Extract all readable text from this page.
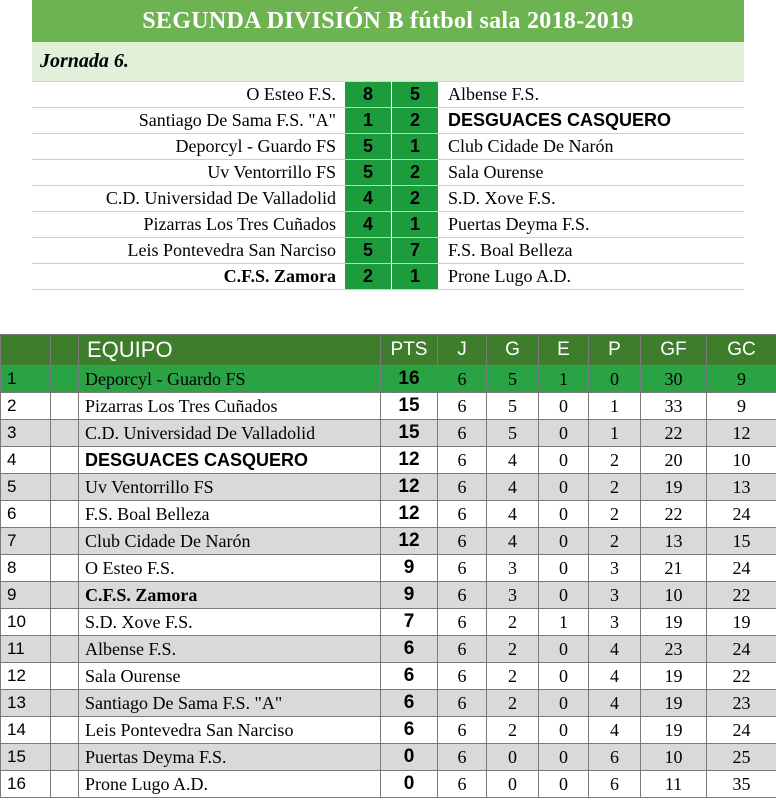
SEGUNDA DIVISIÓN B fútbol sala 2018-2019
Jornada 6.
O Esteo F.S.	8	5	Albense F.S.
Santiago De Sama F.S. "A"	1	2	DESGUACES CASQUERO
Deporcyl - Guardo FS	5	1	Club Cidade De Narón
Uv Ventorrillo FS	5	2	Sala Ourense
C.D. Universidad De Valladolid	4	2	S.D. Xove F.S.
Pizarras Los Tres Cuñados	4	1	Puertas Deyma F.S.
Leis Pontevedra San Narciso	5	7	F.S. Boal Belleza
C.F.S. Zamora	2	1	Prone Lugo A.D.
		EQUIPO	PTS	J	G	E	P	GF	GC
1		Deporcyl - Guardo FS	16	6	5	1	0	30	9
2		Pizarras Los Tres Cuñados	15	6	5	0	1	33	9
3		C.D. Universidad De Valladolid	15	6	5	0	1	22	12
4		DESGUACES CASQUERO	12	6	4	0	2	20	10
5		Uv Ventorrillo FS	12	6	4	0	2	19	13
6		F.S. Boal Belleza	12	6	4	0	2	22	24
7		Club Cidade De Narón	12	6	4	0	2	13	15
8		O Esteo F.S.	9	6	3	0	3	21	24
9		C.F.S. Zamora	9	6	3	0	3	10	22
10		S.D. Xove F.S.	7	6	2	1	3	19	19
11		Albense F.S.	6	6	2	0	4	23	24
12		Sala Ourense	6	6	2	0	4	19	22
13		Santiago De Sama F.S. "A"	6	6	2	0	4	19	23
14		Leis Pontevedra San Narciso	6	6	2	0	4	19	24
15		Puertas Deyma F.S.	0	6	0	0	6	10	25
16		Prone Lugo A.D.	0	6	0	0	6	11	35
